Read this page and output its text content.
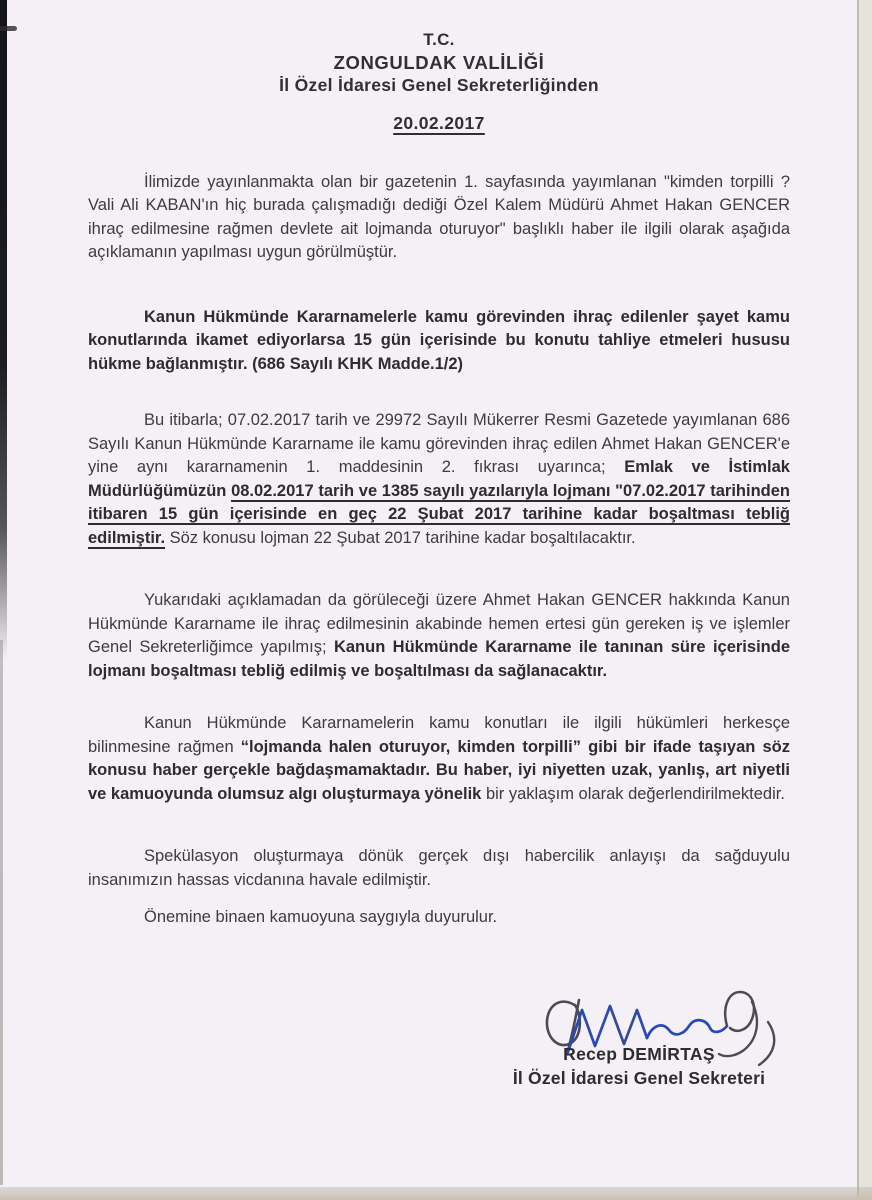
T.C.
ZONGULDAK VALİLİĞİ
İl Özel İdaresi Genel Sekreterliğinden
20.02.2017

İlimizde yayınlanmakta olan bir gazetenin 1. sayfasında yayımlanan "kimden torpilli ? Vali Ali KABAN'ın hiç burada çalışmadığı dediği Özel Kalem Müdürü Ahmet Hakan GENCER ihraç edilmesine rağmen devlete ait lojmanda oturuyor" başlıklı haber ile ilgili olarak aşağıda açıklamanın yapılması uygun görülmüştür.

Kanun Hükmünde Kararnamelerle kamu görevinden ihraç edilenler şayet kamu konutlarında ikamet ediyorlarsa 15 gün içerisinde bu konutu tahliye etmeleri hususu hükme bağlanmıştır. (686 Sayılı KHK Madde.1/2)

Bu itibarla; 07.02.2017 tarih ve 29972 Sayılı Mükerrer Resmi Gazetede yayımlanan 686 Sayılı Kanun Hükmünde Kararname ile kamu görevinden ihraç edilen Ahmet Hakan GENCER'e yine aynı kararnamenin 1. maddesinin 2. fıkrası uyarınca; Emlak ve İstimlak Müdürlüğümüzün 08.02.2017 tarih ve 1385 sayılı yazılarıyla lojmanı "07.02.2017 tarihinden itibaren 15 gün içerisinde en geç 22 Şubat 2017 tarihine kadar boşaltması tebliğ edilmiştir. Söz konusu lojman 22 Şubat 2017 tarihine kadar boşaltılacaktır.

Yukarıdaki açıklamadan da görüleceği üzere Ahmet Hakan GENCER hakkında Kanun Hükmünde Kararname ile ihraç edilmesinin akabinde hemen ertesi gün gereken iş ve işlemler Genel Sekreterliğimce yapılmış; Kanun Hükmünde Kararname ile tanınan süre içerisinde lojmanı boşaltması tebliğ edilmiş ve boşaltılması da sağlanacaktır.

Kanun Hükmünde Kararnamelerin kamu konutları ile ilgili hükümleri herkesçe bilinmesine rağmen “lojmanda halen oturuyor, kimden torpilli” gibi bir ifade taşıyan söz konusu haber gerçekle bağdaşmamaktadır. Bu haber, iyi niyetten uzak, yanlış, art niyetli ve kamuoyunda olumsuz algı oluşturmaya yönelik bir yaklaşım olarak değerlendirilmektedir.

Spekülasyon oluşturmaya dönük gerçek dışı habercilik anlayışı da sağduyulu insanımızın hassas vicdanına havale edilmiştir.

Önemine binaen kamuoyuna saygıyla duyurulur.

Recep DEMİRTAŞ
İl Özel İdaresi Genel Sekreteri
